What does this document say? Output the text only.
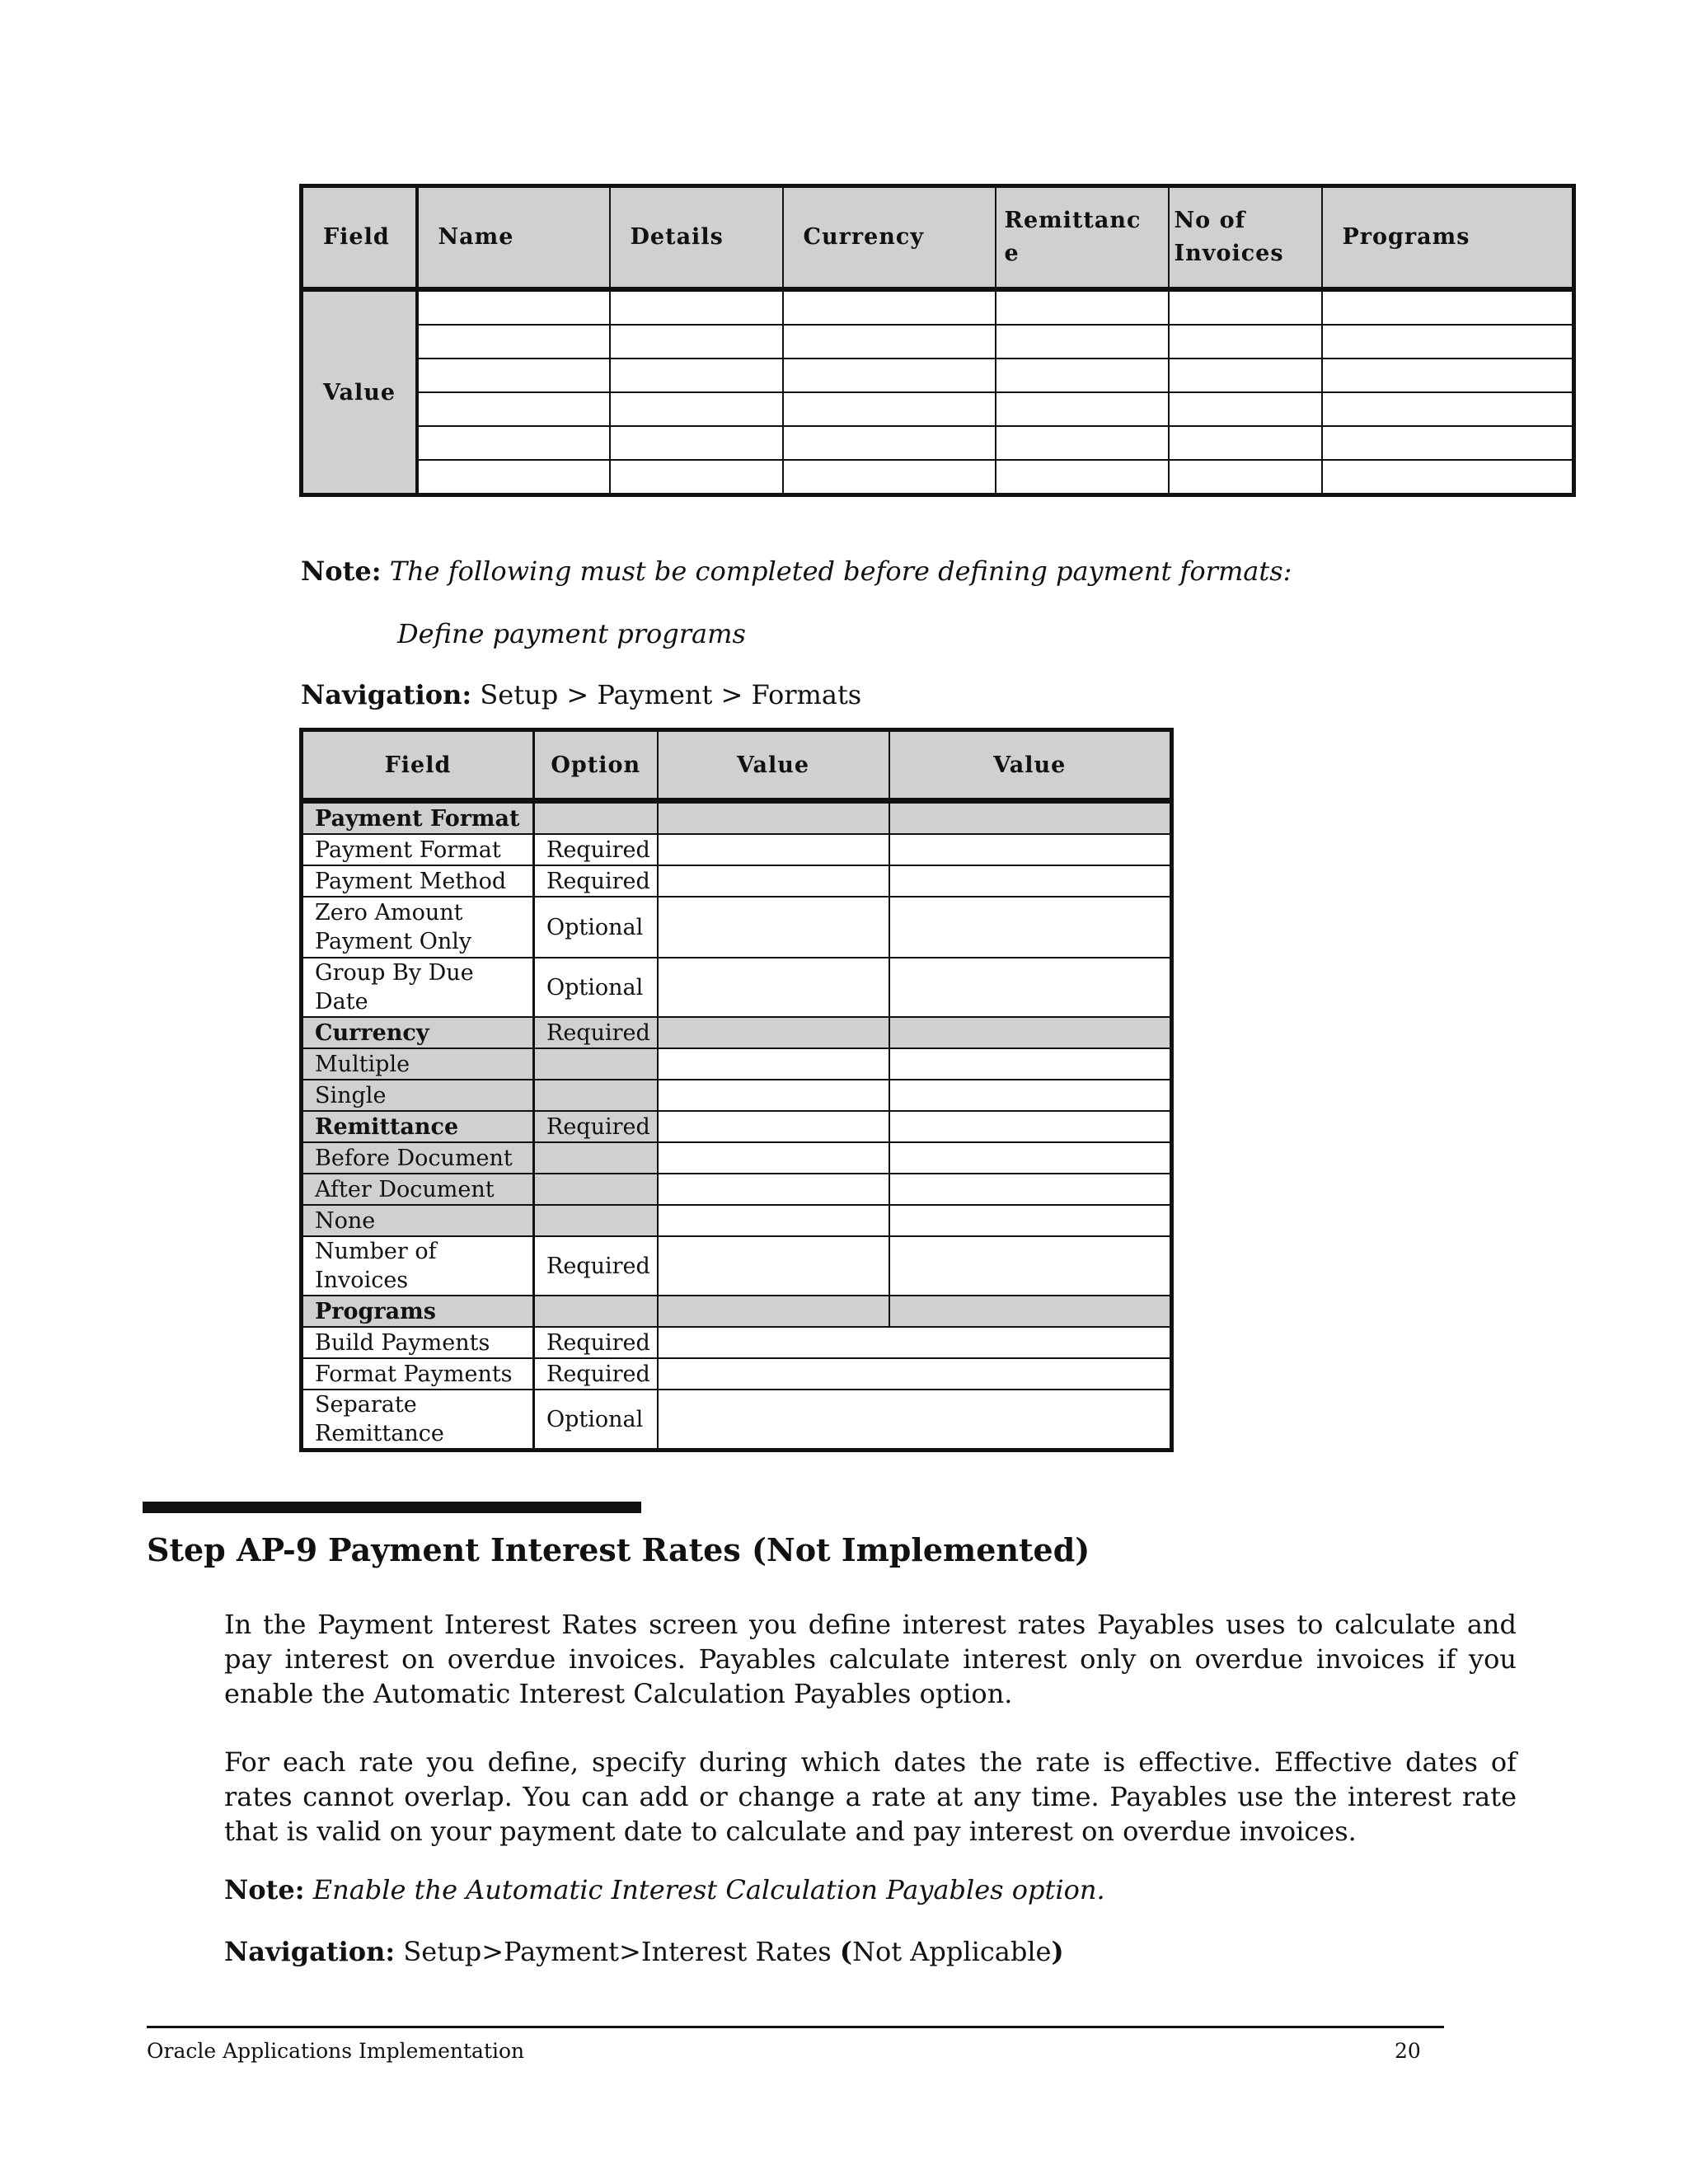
Field	Name	Details	Currency	Remittanc e	No of Invoices	Programs
Value						

Note: The following must be completed before defining payment formats:
Define payment programs
Navigation: Setup > Payment > Formats
Field	Option	Value	Value
Payment Format			
Payment Format	Required		
Payment Method	Required		
Zero Amount Payment Only	Optional		
Group By Due Date	Optional		
Currency	Required		
Multiple			
Single			
Remittance	Required		
Before Document			
After Document			
None			
Number of Invoices	Required		
Programs			
Build Payments	Required		
Format Payments	Required		
Separate Remittance	Optional		
Step AP-9 Payment Interest Rates (Not Implemented)
In the Payment Interest Rates screen you define interest rates Payables uses to calculate and pay interest on overdue invoices. Payables calculate interest only on overdue invoices if you enable the Automatic Interest Calculation Payables option.
For each rate you define, specify during which dates the rate is effective. Effective dates of rates cannot overlap. You can add or change a rate at any time. Payables use the interest rate that is valid on your payment date to calculate and pay interest on overdue invoices.
Note: Enable the Automatic Interest Calculation Payables option.
Navigation: Setup>Payment>Interest Rates (Not Applicable)
Oracle Applications Implementation	20
